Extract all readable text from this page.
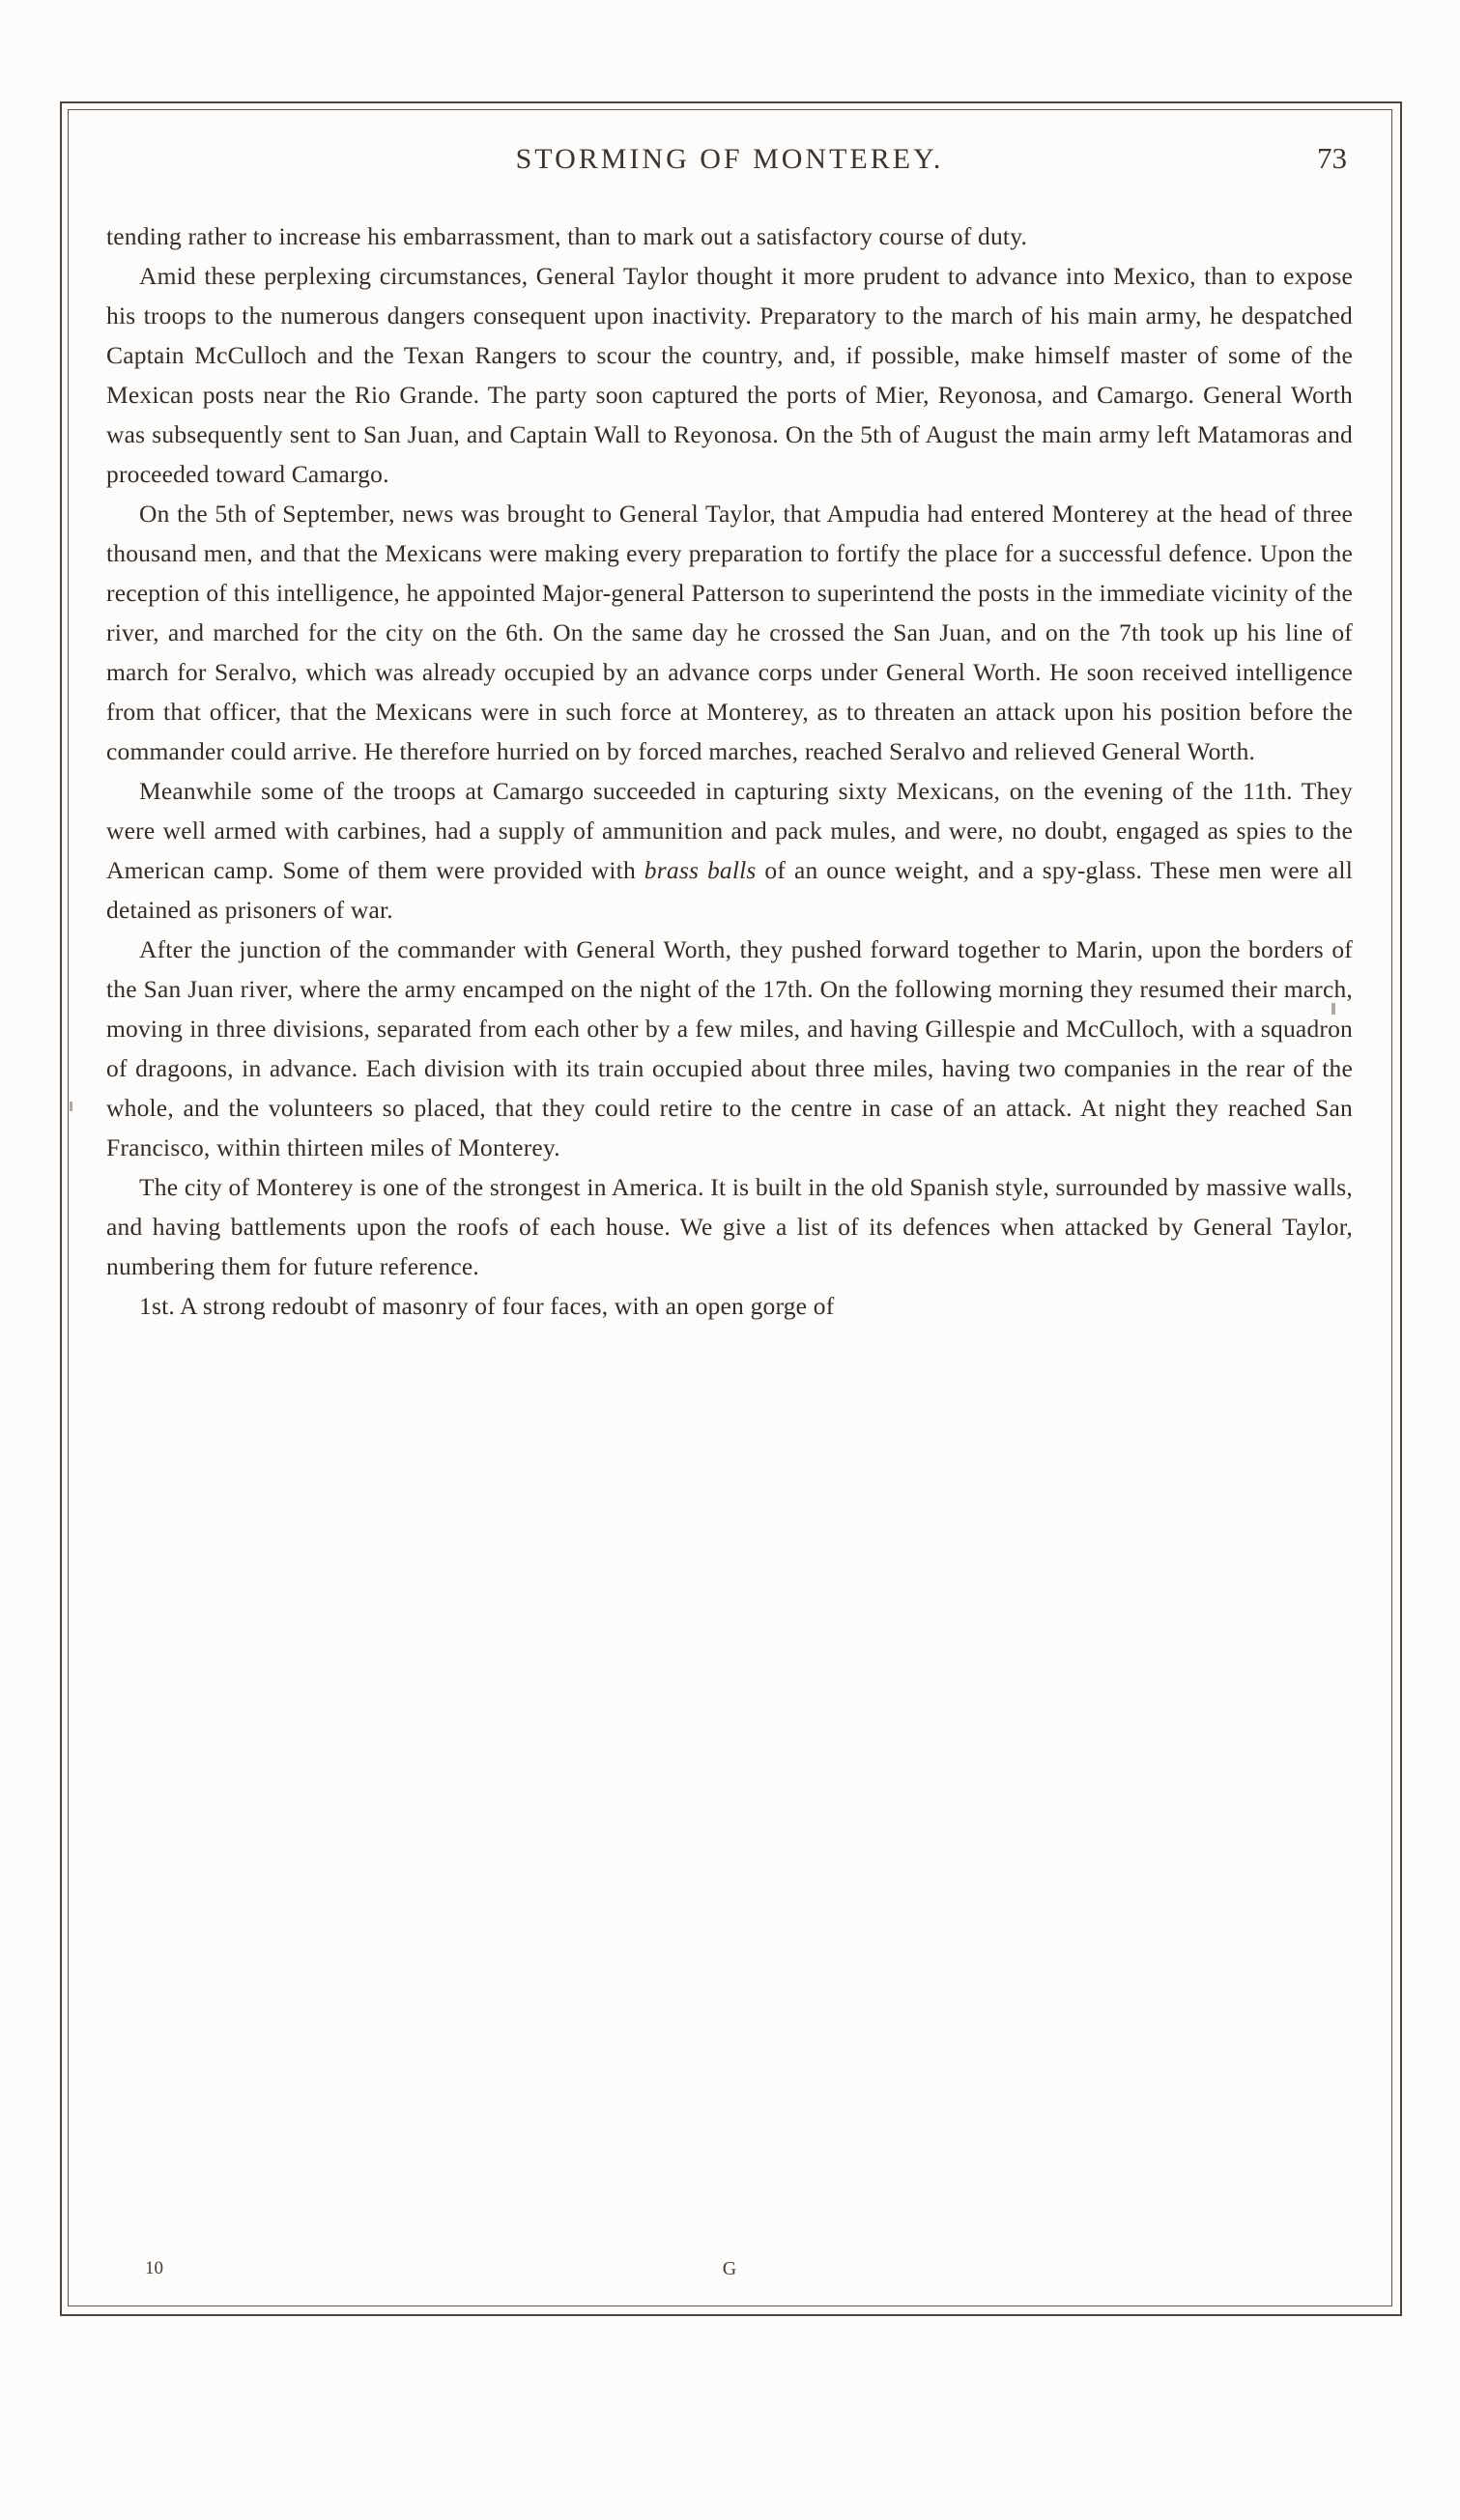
STORMING OF MONTEREY.	73

tending rather to increase his embarrassment, than to mark out a satisfactory course of duty.

Amid these perplexing circumstances, General Taylor thought it more prudent to advance into Mexico, than to expose his troops to the numerous dangers consequent upon inactivity. Preparatory to the march of his main army, he despatched Captain McCulloch and the Texan Rangers to scour the country, and, if possible, make himself master of some of the Mexican posts near the Rio Grande. The party soon captured the ports of Mier, Reyonosa, and Camargo. General Worth was subsequently sent to San Juan, and Captain Wall to Reyonosa. On the 5th of August the main army left Matamoras and proceeded toward Camargo.

On the 5th of September, news was brought to General Taylor, that Ampudia had entered Monterey at the head of three thousand men, and that the Mexicans were making every preparation to fortify the place for a successful defence. Upon the reception of this intelligence, he appointed Major-general Patterson to superintend the posts in the immediate vicinity of the river, and marched for the city on the 6th. On the same day he crossed the San Juan, and on the 7th took up his line of march for Seralvo, which was already occupied by an advance corps under General Worth. He soon received intelligence from that officer, that the Mexicans were in such force at Monterey, as to threaten an attack upon his position before the commander could arrive. He therefore hurried on by forced marches, reached Seralvo and relieved General Worth.

Meanwhile some of the troops at Camargo succeeded in capturing sixty Mexicans, on the evening of the 11th. They were well armed with carbines, had a supply of ammunition and pack mules, and were, no doubt, engaged as spies to the American camp. Some of them were provided with brass balls of an ounce weight, and a spy-glass. These men were all detained as prisoners of war.

After the junction of the commander with General Worth, they pushed forward together to Marin, upon the borders of the San Juan river, where the army encamped on the night of the 17th. On the following morning they resumed their march, moving in three divisions, separated from each other by a few miles, and having Gillespie and McCulloch, with a squadron of dragoons, in advance. Each division with its train occupied about three miles, having two companies in the rear of the whole, and the volunteers so placed, that they could retire to the centre in case of an attack. At night they reached San Francisco, within thirteen miles of Monterey.

The city of Monterey is one of the strongest in America. It is built in the old Spanish style, surrounded by massive walls, and having battlements upon the roofs of each house. We give a list of its defences when attacked by General Taylor, numbering them for future reference.

1st. A strong redoubt of masonry of four faces, with an open gorge of

10	G
